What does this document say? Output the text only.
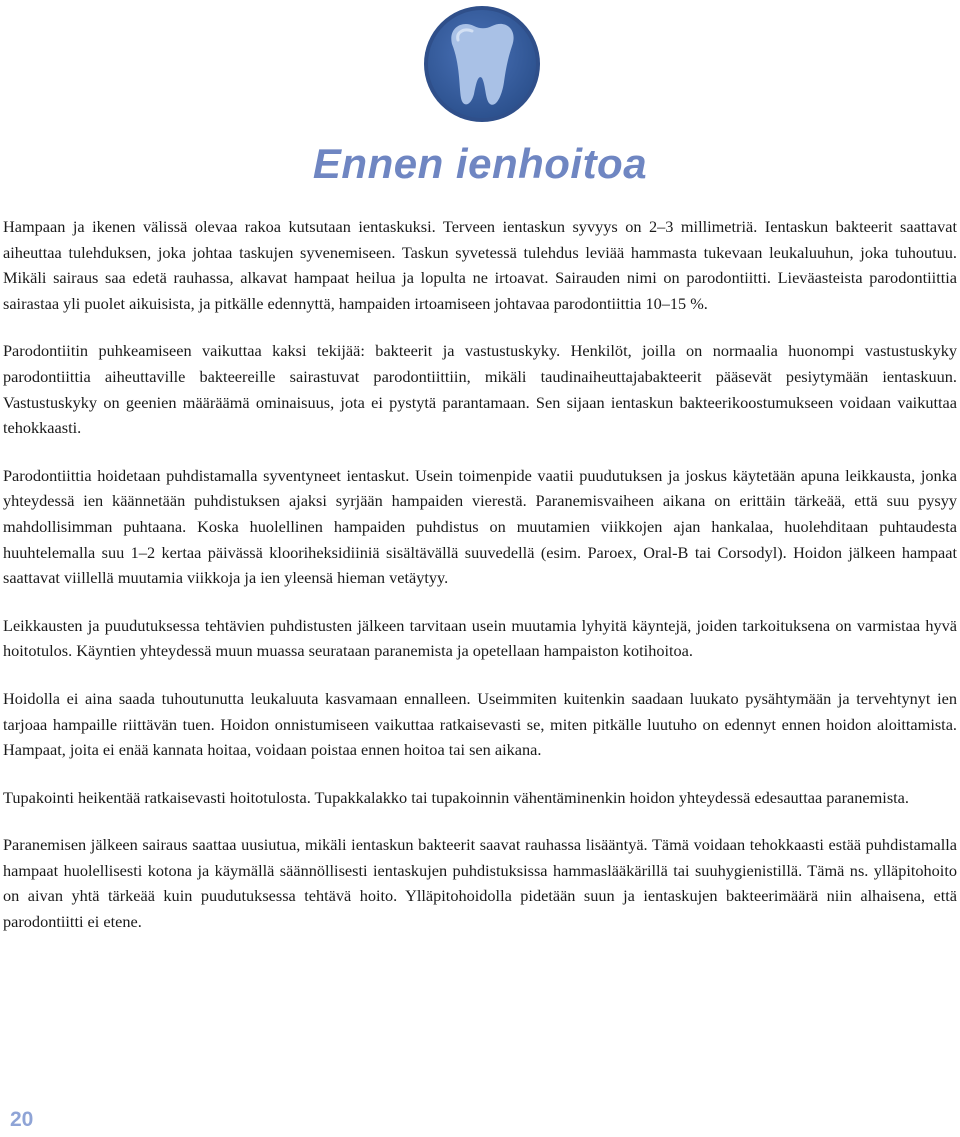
Ennen ienhoitoa

Hampaan ja ikenen välissä olevaa rakoa kutsutaan ientaskuksi. Terveen ientaskun syvyys on 2–3 millimetriä. Ientaskun bakteerit saattavat aiheuttaa tulehduksen, joka johtaa taskujen syvenemiseen. Taskun syvetessä tulehdus leviää hammasta tukevaan leukaluuhun, joka tuhoutuu. Mikäli sairaus saa edetä rauhassa, alkavat hampaat heilua ja lopulta ne irtoavat. Sairauden nimi on parodontiitti. Lieväasteista parodontiittia sairastaa yli puolet aikuisista, ja pitkälle edennyttä, hampaiden irtoamiseen johtavaa parodontiittia 10–15 %.

Parodontiitin puhkeamiseen vaikuttaa kaksi tekijää: bakteerit ja vastustuskyky. Henkilöt, joilla on normaalia huonompi vastustuskyky parodontiittia aiheuttaville bakteereille sairastuvat parodontiittiin, mikäli taudinaiheuttajabakteerit pääsevät pesiytymään ientaskuun. Vastustuskyky on geenien määräämä ominaisuus, jota ei pystytä parantamaan. Sen sijaan ientaskun bakteerikoostumukseen voidaan vaikuttaa tehokkaasti.

Parodontiittia hoidetaan puhdistamalla syventyneet ientaskut. Usein toimenpide vaatii puudutuksen ja joskus käytetään apuna leikkausta, jonka yhteydessä ien käännetään puhdistuksen ajaksi syrjään hampaiden vierestä. Paranemisvaiheen aikana on erittäin tärkeää, että suu pysyy mahdollisimman puhtaana. Koska huolellinen hampaiden puhdistus on muutamien viikkojen ajan hankalaa, huolehditaan puhtaudesta huuhtelemalla suu 1–2 kertaa päivässä klooriheksidiiniä sisältävällä suuvedellä (esim. Paroex, Oral-B tai Corsodyl). Hoidon jälkeen hampaat saattavat viillellä muutamia viikkoja ja ien yleensä hieman vetäytyy.

Leikkausten ja puudutuksessa tehtävien puhdistusten jälkeen tarvitaan usein muutamia lyhyitä käyntejä, joiden tarkoituksena on varmistaa hyvä hoitotulos. Käyntien yhteydessä muun muassa seurataan paranemista ja opetellaan hampaiston kotihoitoa.

Hoidolla ei aina saada tuhoutunutta leukaluuta kasvamaan ennalleen. Useimmiten kuitenkin saadaan luukato pysähtymään ja tervehtynyt ien tarjoaa hampaille riittävän tuen. Hoidon onnistumiseen vaikuttaa ratkaisevasti se, miten pitkälle luutuho on edennyt ennen hoidon aloittamista. Hampaat, joita ei enää kannata hoitaa, voidaan poistaa ennen hoitoa tai sen aikana.

Tupakointi heikentää ratkaisevasti hoitotulosta. Tupakkalakko tai tupakoinnin vähentäminenkin hoidon yhteydessä edesauttaa paranemista.

Paranemisen jälkeen sairaus saattaa uusiutua, mikäli ientaskun bakteerit saavat rauhassa lisääntyä. Tämä voidaan tehokkaasti estää puhdistamalla hampaat huolellisesti kotona ja käymällä säännöllisesti ientaskujen puhdistuksissa hammaslääkärillä tai suuhygienistillä. Tämä ns. ylläpitohoito on aivan yhtä tärkeää kuin puudutuksessa tehtävä hoito. Ylläpitohoidolla pidetään suun ja ientaskujen bakteerimäärä niin alhaisena, että parodontiitti ei etene.

20
